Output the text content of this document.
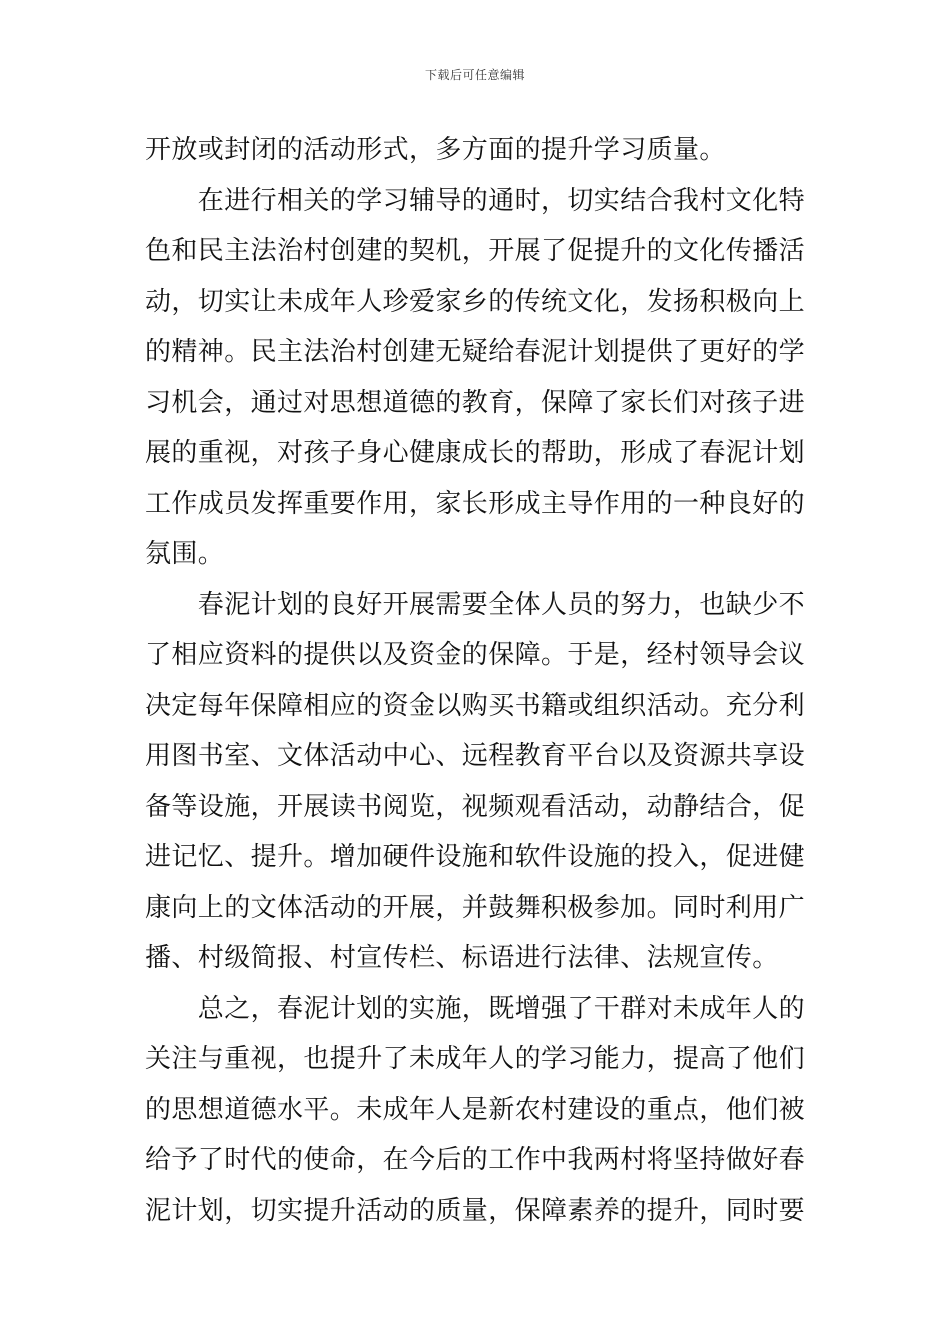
下载后可任意编辑
开放或封闭的活动形式，多方面的提升学习质量。
　　在进行相关的学习辅导的通时，切实结合我村文化特
色和民主法治村创建的契机，开展了促提升的文化传播活
动，切实让未成年人珍爱家乡的传统文化，发扬积极向上
的精神。民主法治村创建无疑给春泥计划提供了更好的学
习机会，通过对思想道德的教育，保障了家长们对孩子进
展的重视，对孩子身心健康成长的帮助，形成了春泥计划
工作成员发挥重要作用，家长形成主导作用的一种良好的
氛围。
　　春泥计划的良好开展需要全体人员的努力，也缺少不
了相应资料的提供以及资金的保障。于是，经村领导会议
决定每年保障相应的资金以购买书籍或组织活动。充分利
用图书室、文体活动中心、远程教育平台以及资源共享设
备等设施，开展读书阅览，视频观看活动，动静结合，促
进记忆、提升。增加硬件设施和软件设施的投入，促进健
康向上的文体活动的开展，并鼓舞积极参加。同时利用广
播、村级简报、村宣传栏、标语进行法律、法规宣传。
　　总之，春泥计划的实施，既增强了干群对未成年人的
关注与重视，也提升了未成年人的学习能力，提高了他们
的思想道德水平。未成年人是新农村建设的重点，他们被
给予了时代的使命，在今后的工作中我两村将坚持做好春
泥计划，切实提升活动的质量，保障素养的提升，同时要
